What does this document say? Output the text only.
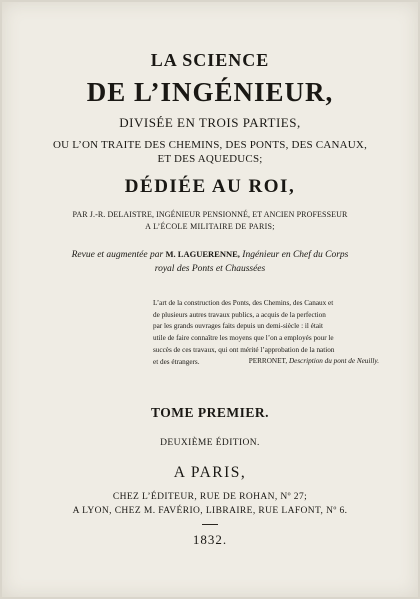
LA SCIENCE
DE L’INGÉNIEUR,
DIVISÉE EN TROIS PARTIES,
OU L’ON TRAITE DES CHEMINS, DES PONTS, DES CANAUX,
ET DES AQUEDUCS;
DÉDIÉE AU ROI,
PAR J.-R. DELAISTRE, INGÉNIEUR PENSIONNÉ, ET ANCIEN PROFESSEUR
A L’ÉCOLE MILITAIRE DE PARIS;
Revue et augmentée par M. LAGUERENNE, Ingénieur en Chef du Corps
royal des Ponts et Chaussées
L’art de la construction des Ponts, des Chemins, des Canaux et
de plusieurs autres travaux publics, a acquis de la perfection
par les grands ouvrages faits depuis un demi-siècle : il était
utile de faire connaître les moyens que l’on a employés pour le
succès de ces travaux, qui ont mérité l’approbation de la nation
et des étrangers.	PERRONET, Description du pont de Neuilly.
TOME PREMIER.
DEUXIÈME ÉDITION.
A PARIS,
CHEZ L’ÉDITEUR, RUE DE ROHAN, Nº 27;
A LYON, CHEZ M. FAVÉRIO, LIBRAIRE, RUE LAFONT, Nº 6.
1832.
